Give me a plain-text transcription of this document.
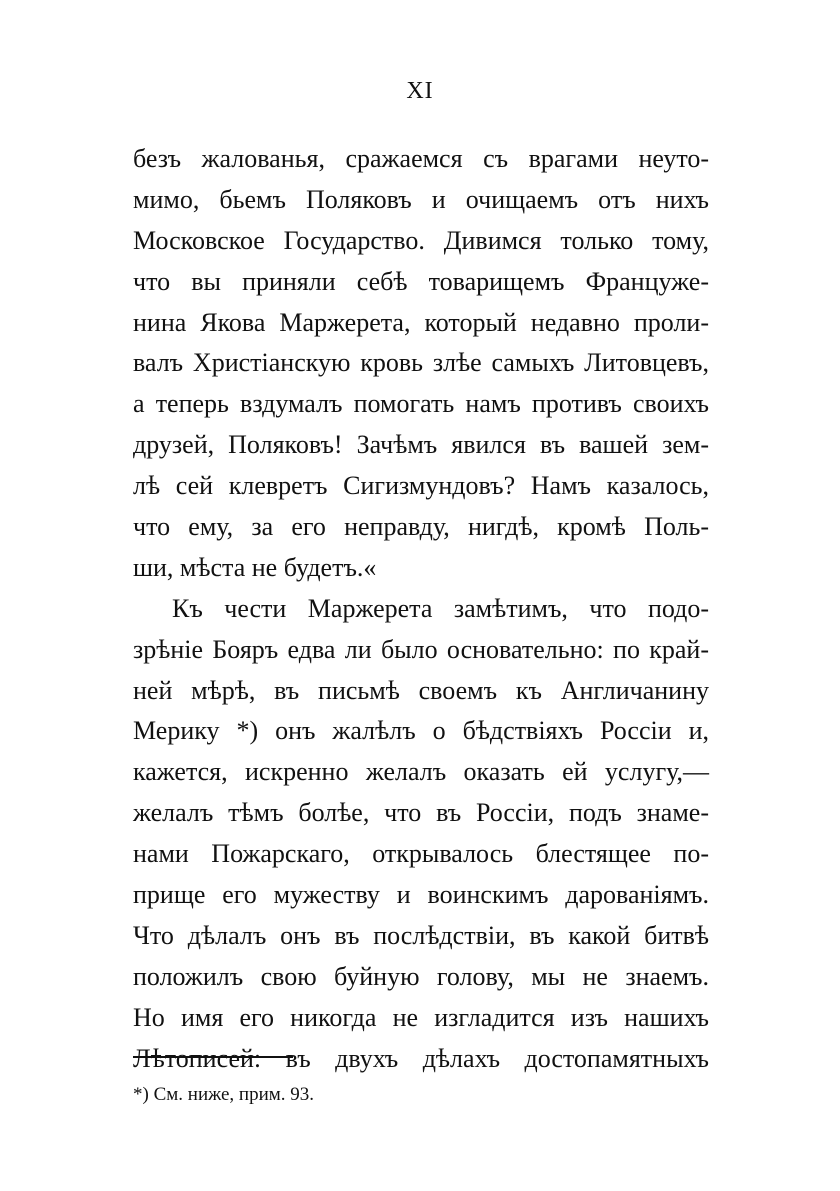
XI
безъ жалованья, сражаемся съ врагами неуто-
мимо, бьемъ Поляковъ и очищаемъ отъ нихъ
Московское Государство. Дивимся только тому,
что вы приняли себѣ товарищемъ Француже-
нина Якова Маржерета, который недавно проли-
валъ Христіанскую кровь злѣе самыхъ Литовцевъ,
а теперь вздумалъ помогать намъ противъ своихъ
друзей, Поляковъ! Зачѣмъ явился въ вашей зем-
лѣ сей клевретъ Сигизмундовъ? Намъ казалось,
что ему, за его неправду, нигдѣ, кромѣ Поль-
ши, мѣста не будетъ.«
Къ чести Маржерета замѣтимъ, что подо-
зрѣніе Бояръ едва ли было основательно: по край-
ней мѣрѣ, въ письмѣ своемъ къ Англичанину
Мерику *) онъ жалѣлъ о бѣдствіяхъ Россіи и,
кажется, искренно желалъ оказать ей услугу,—
желалъ тѣмъ болѣе, что въ Россіи, подъ знаме-
нами Пожарскаго, открывалось блестящее по-
прище его мужеству и воинскимъ дарованіямъ.
Что дѣлалъ онъ въ послѣдствіи, въ какой битвѣ
положилъ свою буйную голову, мы не знаемъ.
Но имя его никогда не изгладится изъ нашихъ
Лѣтописей: въ двухъ дѣлахъ достопамятныхъ
*) См. ниже, прим. 93.
